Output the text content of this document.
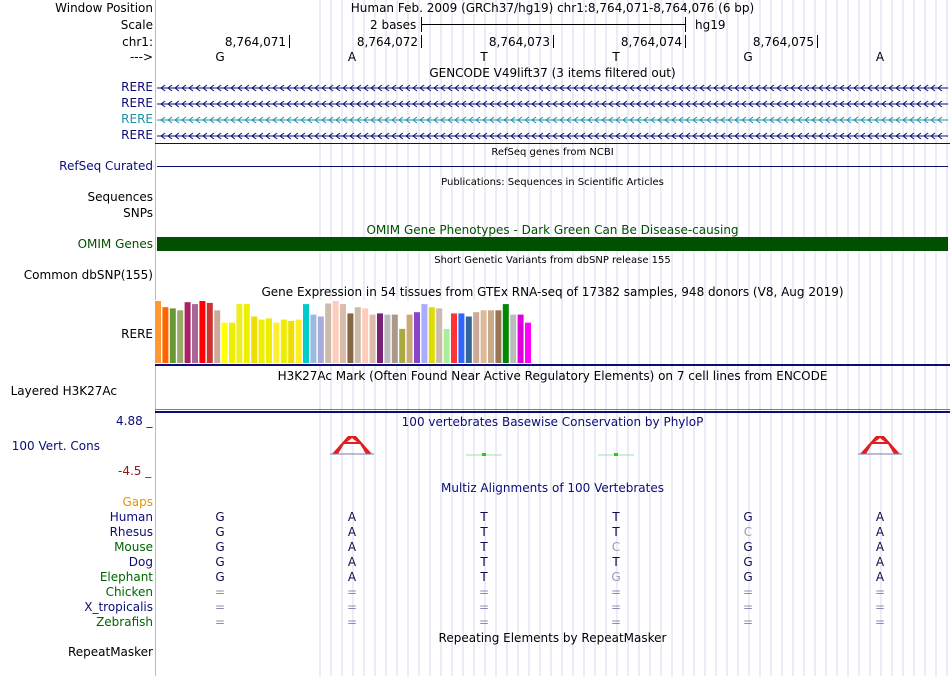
Window Position	Human Feb. 2009 (GRCh37/hg19) chr1:8,764,071-8,764,076 (6 bp)
Scale	2 bases	hg19
chr1:	8,764,071	8,764,072	8,764,073	8,764,074	8,764,075
--->	G	A	T	T	G	A
GENCODE V49lift37 (3 items filtered out)
RERE
RERE
RERE
RERE
RefSeq genes from NCBI
RefSeq Curated
Publications: Sequences in Scientific Articles
Sequences
SNPs
OMIM Gene Phenotypes - Dark Green Can Be Disease-causing
OMIM Genes
Short Genetic Variants from dbSNP release 155
Common dbSNP(155)
Gene Expression in 54 tissues from GTEx RNA-seq of 17382 samples, 948 donors (V8, Aug 2019)
RERE
H3K27Ac Mark (Often Found Near Active Regulatory Elements) on 7 cell lines from ENCODE
Layered H3K27Ac
100 vertebrates Basewise Conservation by PhyloP
4.88 _
100 Vert. Cons
-4.5 _
Multiz Alignments of 100 Vertebrates
Gaps
Human	G	A	T	T	G	A
Rhesus	G	A	T	T	C	A
Mouse	G	A	T	C	G	A
Dog	G	A	T	T	G	A
Elephant	G	A	T	G	G	A
Chicken	=	=	=	=	=	=
X_tropicalis	=	=	=	=	=	=
Zebrafish	=	=	=	=	=	=
Repeating Elements by RepeatMasker
RepeatMasker
